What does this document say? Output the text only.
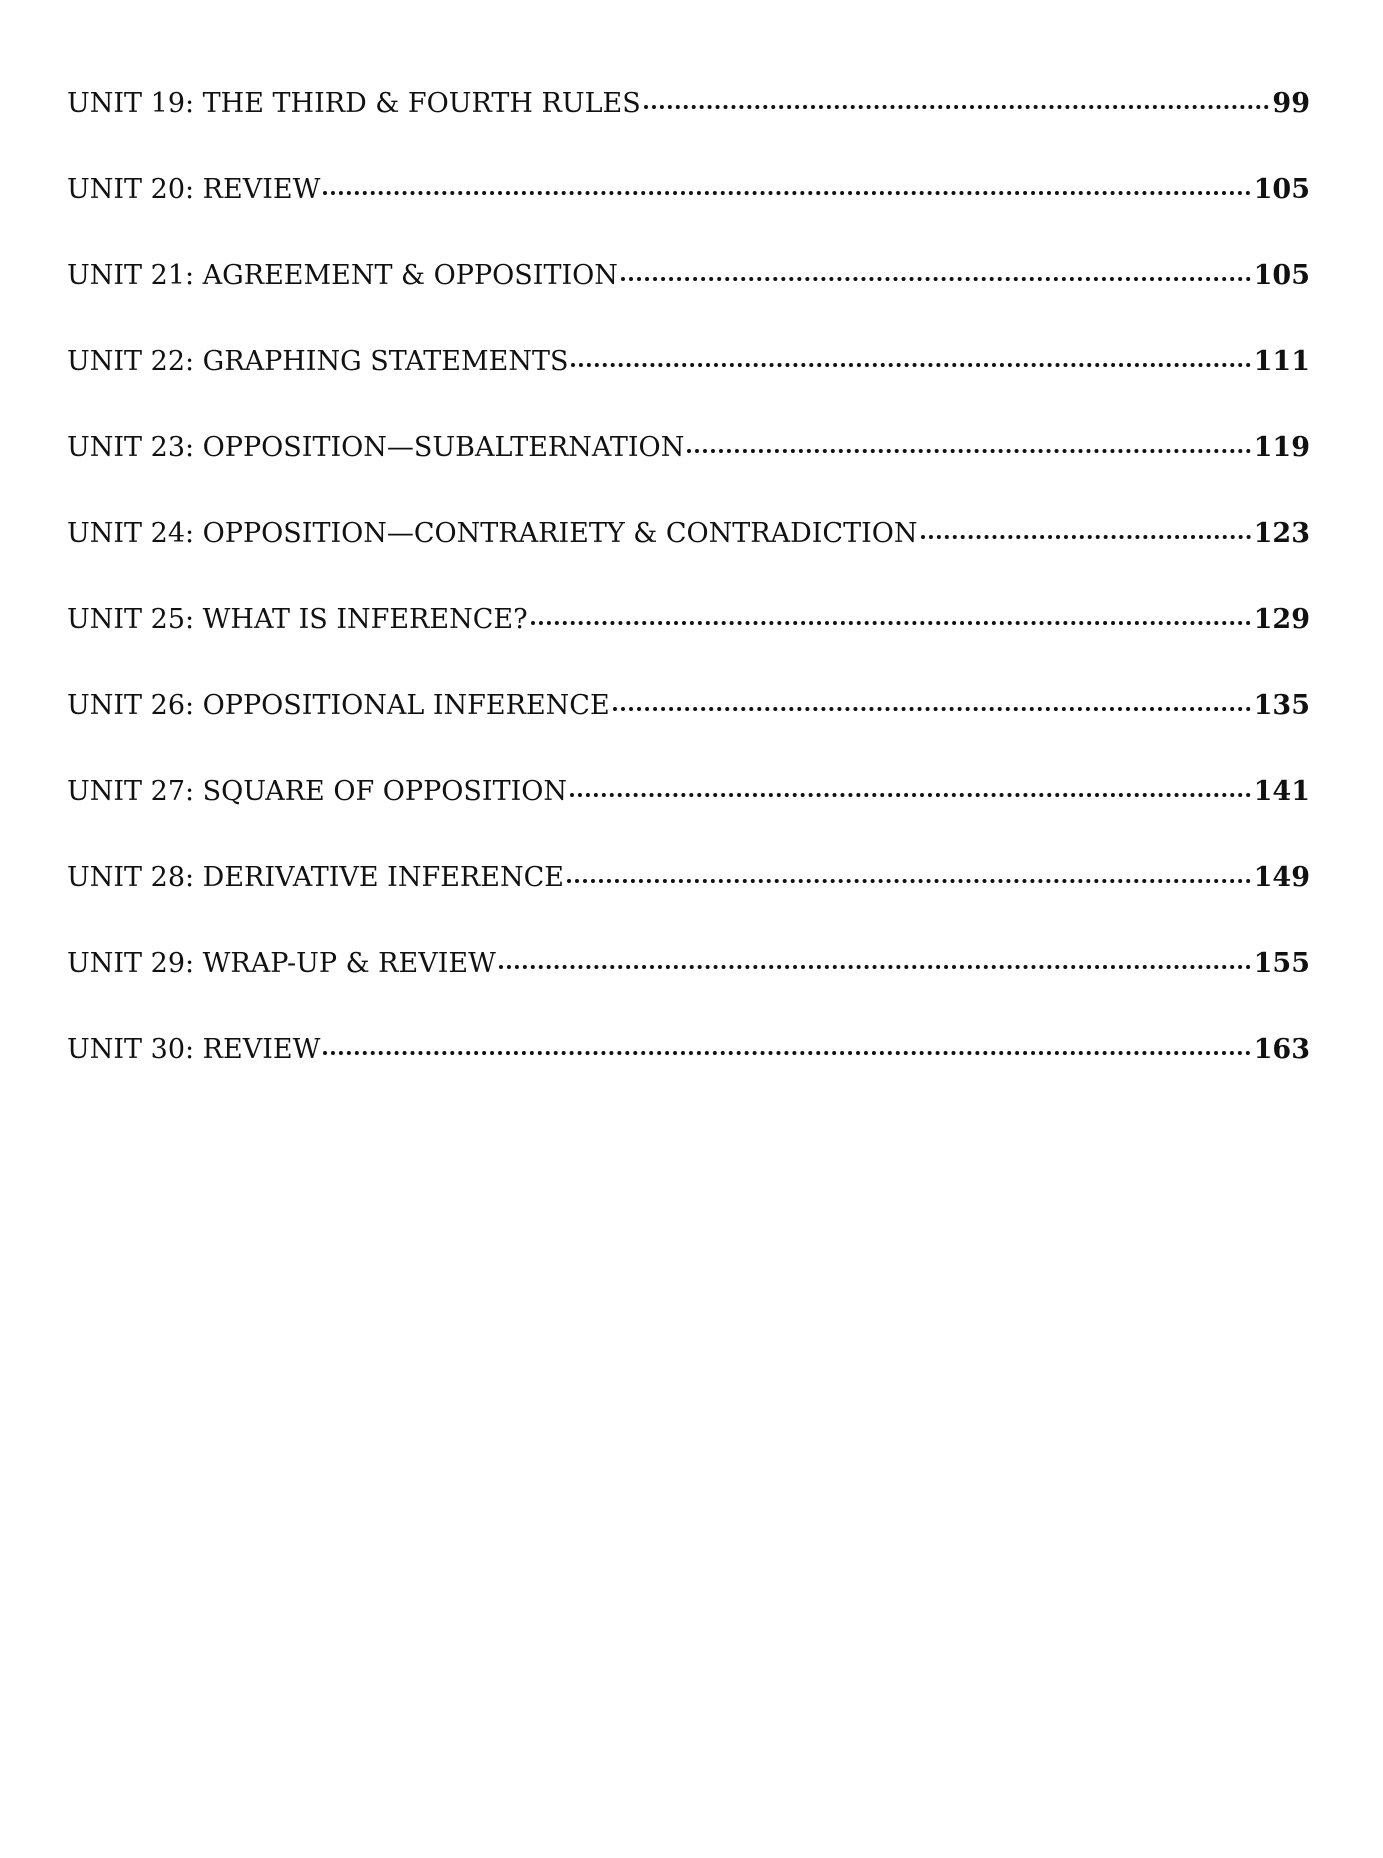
UNIT 19: THE THIRD & FOURTH RULES	99
UNIT 20: REVIEW	105
UNIT 21: AGREEMENT & OPPOSITION	105
UNIT 22: GRAPHING STATEMENTS	111
UNIT 23: OPPOSITION—SUBALTERNATION	119
UNIT 24: OPPOSITION—CONTRARIETY & CONTRADICTION	123
UNIT 25: WHAT IS INFERENCE?	129
UNIT 26: OPPOSITIONAL INFERENCE	135
UNIT 27: SQUARE OF OPPOSITION	141
UNIT 28: DERIVATIVE INFERENCE	149
UNIT 29: WRAP-UP & REVIEW	155
UNIT 30: REVIEW	163
